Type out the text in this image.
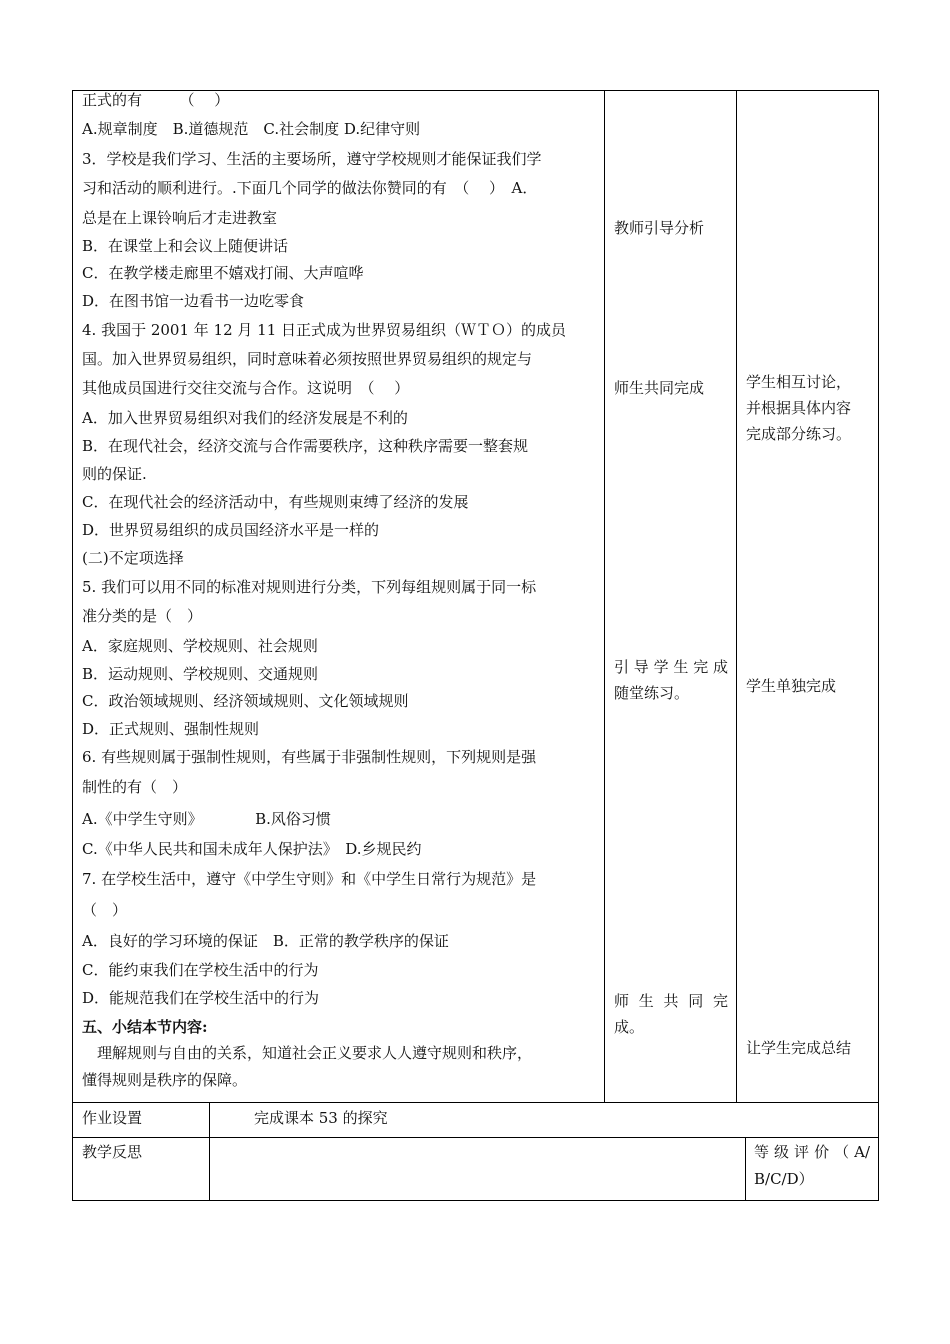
正式的有　　　（　 ）
A.规章制度　B.道德规范　C.社会制度 D.纪律守则
3．学校是我们学习、生活的主要场所，遵守学校规则才能保证我们学
习和活动的顺利进行。.下面几个同学的做法你赞同的有　（　 ）　A．
总是在上课铃响后才走进教室
B．在课堂上和会议上随便讲话
C．在教学楼走廊里不嬉戏打闹、大声喧哗
D．在图书馆一边看书一边吃零食
4. 我国于 2001 年 12 月 11 日正式成为世界贸易组织（ＷＴＯ）的成员
国。加入世界贸易组织，同时意味着必须按照世界贸易组织的规定与
其他成员国进行交往交流与合作。这说明　（　 ）
A．加入世界贸易组织对我们的经济发展是不利的
B．在现代社会，经济交流与合作需要秩序，这种秩序需要一整套规
则的保证.
C．在现代社会的经济活动中，有些规则束缚了经济的发展
D．世界贸易组织的成员国经济水平是一样的
(二)不定项选择
5. 我们可以用不同的标准对规则进行分类，下列每组规则属于同一标
准分类的是（　）
A．家庭规则、学校规则、社会规则
B．运动规则、学校规则、交通规则
C．政治领域规则、经济领域规则、文化领域规则
D．正式规则、强制性规则
6. 有些规则属于强制性规则，有些属于非强制性规则，下列规则是强
制性的有（　）
A.《中学生守则》　　　　B.风俗习惯
C.《中华人民共和国未成年人保护法》　D.乡规民约
7. 在学校生活中，遵守《中学生守则》和《中学生日常行为规范》是
（　）
A．良好的学习环境的保证　B．正常的教学秩序的保证
C．能约束我们在学校生活中的行为
D．能规范我们在学校生活中的行为
五、小结本节内容:
　理解规则与自由的关系，知道社会正义要求人人遵守规则和秩序，
懂得规则是秩序的保障。
教师引导分析
师生共同完成
引导学生完成
随堂练习。
师生共同完
成。
学生相互讨论，
并根据具体内容
完成部分练习。
学生单独完成
让学生完成总结
作业设置	完成课本 53 的探究
教学反思	等级评价（A/
B/C/D）
